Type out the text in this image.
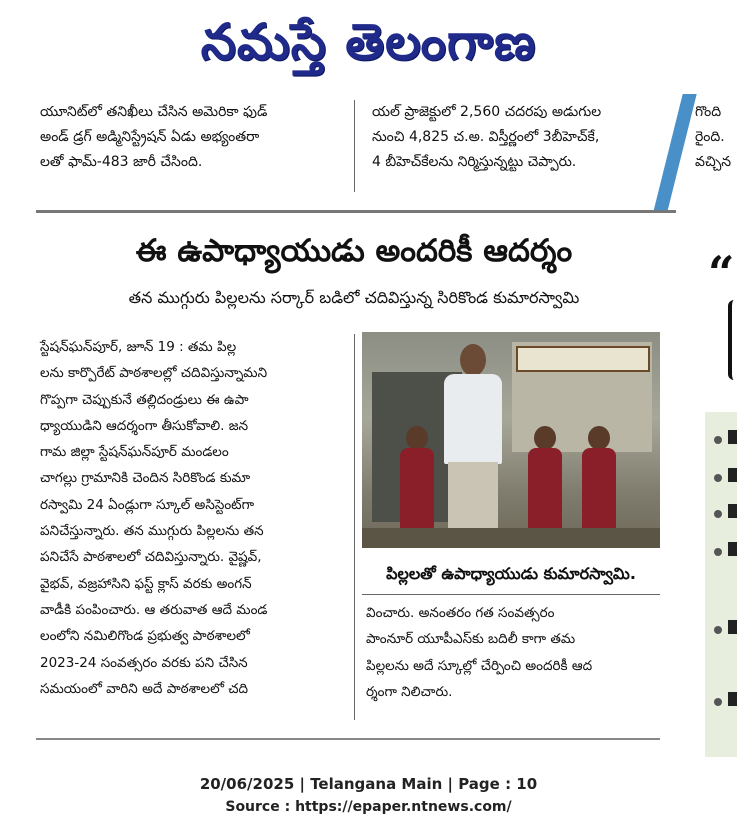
నమస్తే తెలంగాణ

యూనిట్‌లో తనిఖీలు చేసిన అమెరికా ఫుడ్

అండ్ డ్రగ్ అడ్మినిస్ట్రేషన్ ఏడు అభ్యంతరా

లతో ఫామ్-483 జారీ చేసింది.

యల్ ప్రాజెక్టులో 2,560 చదరపు అడుగుల

నుంచి 4,825 చ.అ. విస్తీర్ణంలో 3బీహెచ్‌కే,

4 బీహెచ్‌కేలను నిర్మిస్తున్నట్టు చెప్పారు.

గొంది

రైంది.

వచ్చిన

ఈ ఉపాధ్యాయుడు అందరికీ ఆదర్శం
తన ముగ్గురు పిల్లలను సర్కార్ బడిలో చదివిస్తున్న సిరికొండ కుమారస్వామి

స్టేషన్‌ఘన్‌పూర్, జూన్ 19 : తమ పిల్ల

లను కార్పొరేట్ పాఠశాలల్లో చదివిస్తున్నామని

గొప్పగా చెప్పుకునే తల్లిదండ్రులు ఈ ఉపా

ధ్యాయుడిని ఆదర్శంగా తీసుకోవాలి. జన

గామ జిల్లా స్టేషన్‌ఘన్‌పూర్ మండలం

చాగల్లు గ్రామానికి చెందిన సిరికొండ కుమా

రస్వామి 24 ఏండ్లుగా స్కూల్ అసిస్టెంట్‌గా

పనిచేస్తున్నారు. తన ముగ్గురు పిల్లలను తన

పనిచేసే పాఠశాలలో చదివిస్తున్నారు. వైష్ణవ్,

వైభవ్, వజ్రహాసిని ఫస్ట్ క్లాస్ వరకు అంగన్

వాడీకి పంపించారు. ఆ తరువాత ఆదే మండ

లంలోని నమిలిగొండ ప్రభుత్వ పాఠశాలలో

2023-24 సంవత్సరం వరకు పని చేసిన

సమయంలో వారిని అదే పాఠశాలలో చది

పిల్లలతో ఉపాధ్యాయుడు కుమారస్వామి.

వించారు. అనంతరం గత సంవత్సరం

పాంనూర్ యూపీఎస్‌కు బదిలీ కాగా తమ

పిల్లలను అదే స్కూల్లో చేర్పించి అందరికీ ఆద

ర్శంగా నిలిచారు.

“
20/06/2025 | Telangana Main | Page : 10
Source : https://epaper.ntnews.com/
